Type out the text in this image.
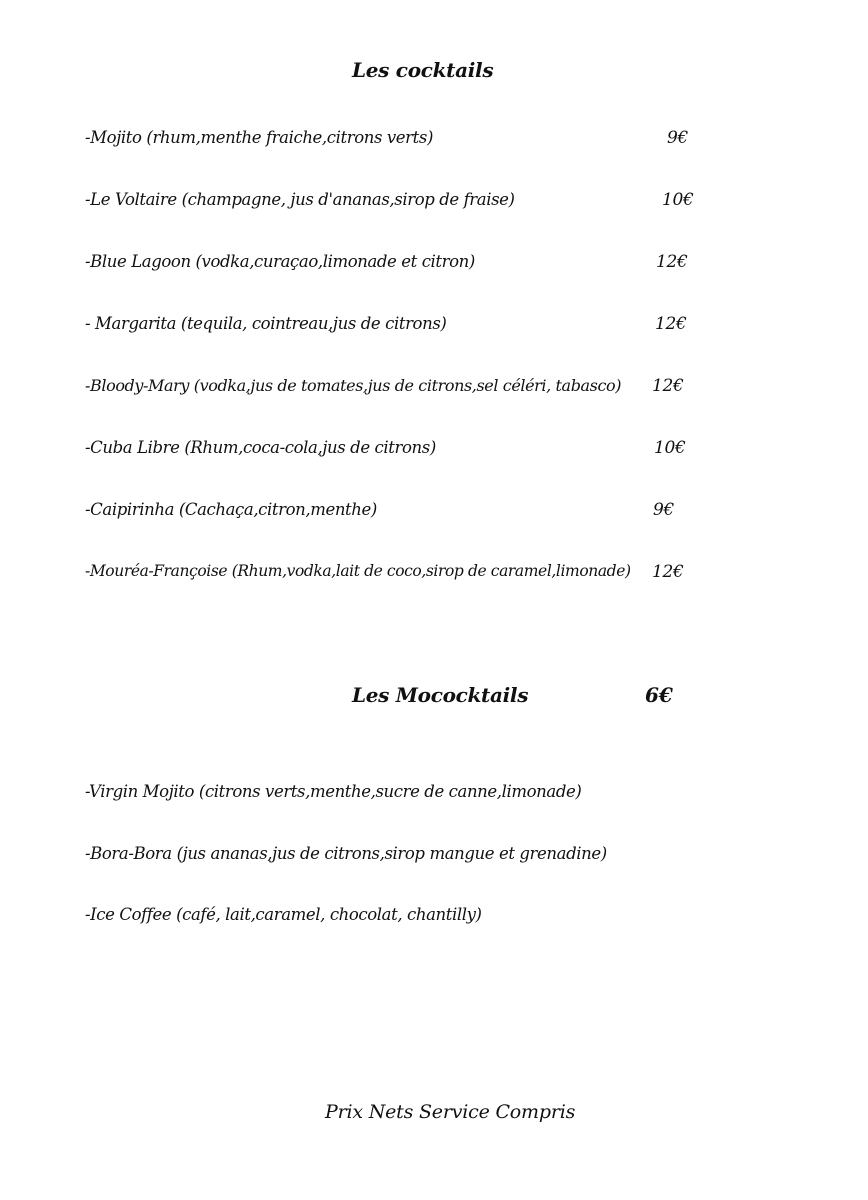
Les cocktails
-Mojito (rhum,menthe fraiche,citrons verts)	9€
-Le Voltaire (champagne, jus d'ananas,sirop de fraise)	10€
-Blue Lagoon (vodka,curaçao,limonade et citron)	12€
- Margarita (tequila, cointreau,jus de citrons)	12€
-Bloody-Mary (vodka,jus de tomates,jus de citrons,sel céléri, tabasco) 12€
-Cuba Libre (Rhum,coca-cola,jus de citrons)	10€
-Caipirinha (Cachaça,citron,menthe)	9€
-Mouréa-Françoise (Rhum,vodka,lait de coco,sirop de caramel,limonade) 12€
Les Mococktails	6€
-Virgin Mojito (citrons verts,menthe,sucre de canne,limonade)
-Bora-Bora (jus ananas,jus de citrons,sirop mangue et grenadine)
-Ice Coffee (café, lait,caramel, chocolat, chantilly)
Prix Nets Service Compris
